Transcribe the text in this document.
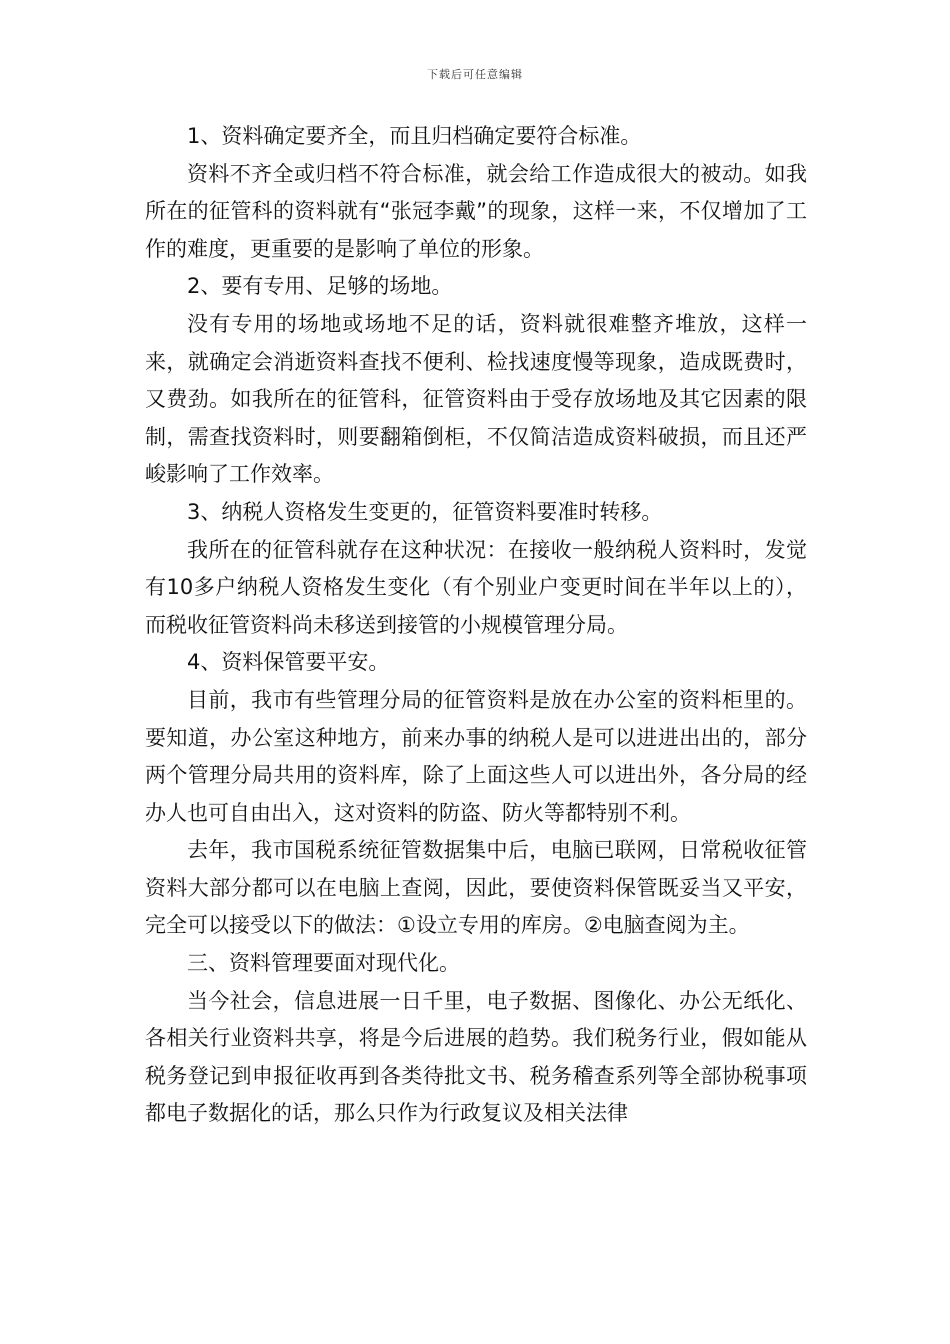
下载后可任意编辑

1、资料确定要齐全，而且归档确定要符合标准。

资料不齐全或归档不符合标准，就会给工作造成很大的被动。如我所在的征管科的资料就有“张冠李戴”的现象，这样一来，不仅增加了工作的难度，更重要的是影响了单位的形象。

2、要有专用、足够的场地。

没有专用的场地或场地不足的话，资料就很难整齐堆放，这样一来，就确定会消逝资料查找不便利、检找速度慢等现象，造成既费时，又费劲。如我所在的征管科，征管资料由于受存放场地及其它因素的限制，需查找资料时，则要翻箱倒柜，不仅简洁造成资料破损，而且还严峻影响了工作效率。

3、纳税人资格发生变更的，征管资料要准时转移。

我所在的征管科就存在这种状况：在接收一般纳税人资料时，发觉有10多户纳税人资格发生变化（有个别业户变更时间在半年以上的），而税收征管资料尚未移送到接管的小规模管理分局。

4、资料保管要平安。

目前，我市有些管理分局的征管资料是放在办公室的资料柜里的。要知道，办公室这种地方，前来办事的纳税人是可以进进出出的，部分两个管理分局共用的资料库，除了上面这些人可以进出外，各分局的经办人也可自由出入，这对资料的防盗、防火等都特别不利。

去年，我市国税系统征管数据集中后，电脑已联网，日常税收征管资料大部分都可以在电脑上查阅，因此，要使资料保管既妥当又平安，完全可以接受以下的做法：①设立专用的库房。②电脑查阅为主。

三、资料管理要面对现代化。

当今社会，信息进展一日千里，电子数据、图像化、办公无纸化、各相关行业资料共享，将是今后进展的趋势。我们税务行业，假如能从税务登记到申报征收再到各类待批文书、税务稽查系列等全部协税事项都电子数据化的话，那么只作为行政复议及相关法律
